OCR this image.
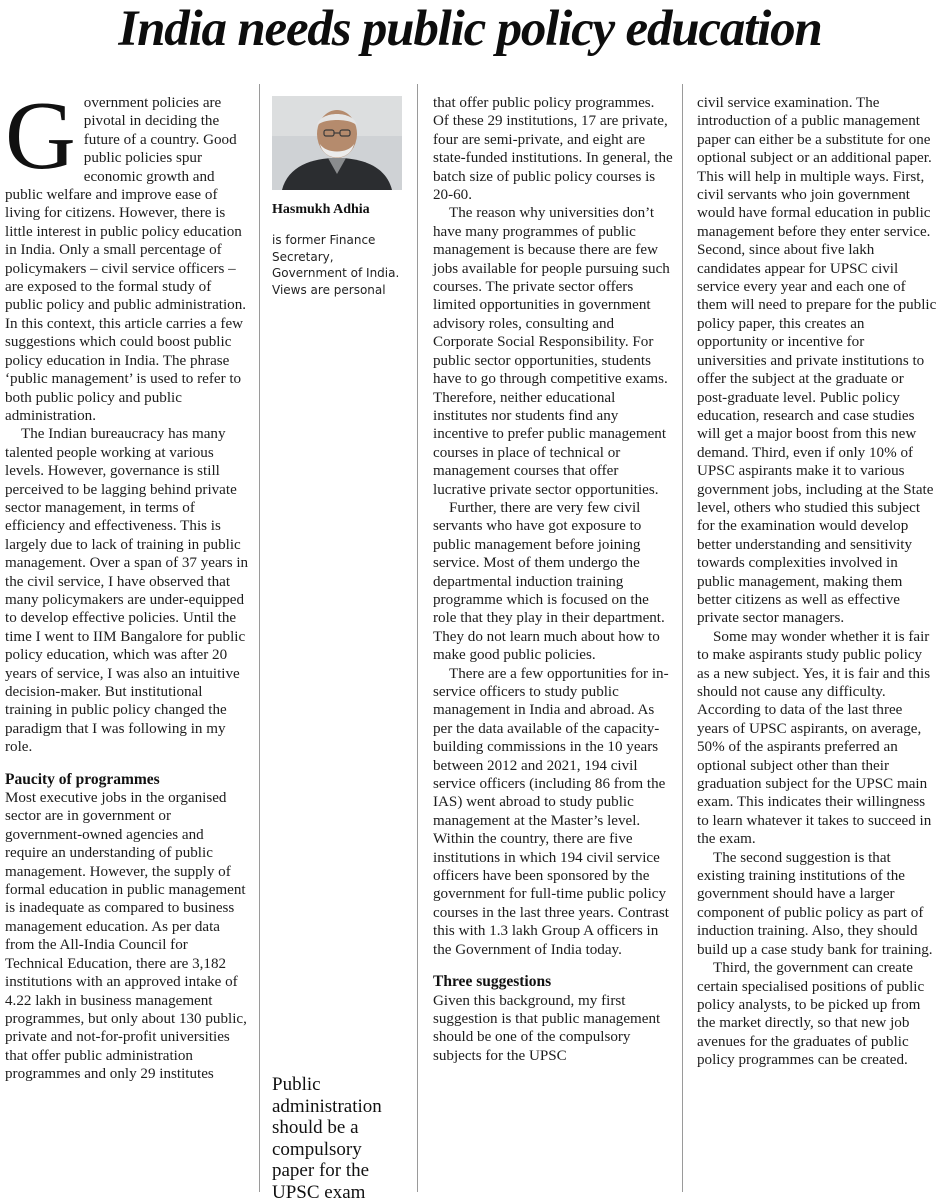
India needs public policy education

Government policies are pivotal in deciding the future of a country. Good public policies spur economic growth and public welfare and improve ease of living for citizens. However, there is little interest in public policy education in India. Only a small percentage of policymakers – civil service officers – are exposed to the formal study of public policy and public administration. In this context, this article carries a few suggestions which could boost public policy education in India. The phrase ‘public management’ is used to refer to both public policy and public administration.

The Indian bureaucracy has many talented people working at various levels. However, governance is still perceived to be lagging behind private sector management, in terms of efficiency and effectiveness. This is largely due to lack of training in public management. Over a span of 37 years in the civil service, I have observed that many policymakers are under-equipped to develop effective policies. Until the time I went to IIM Bangalore for public policy education, which was after 20 years of service, I was also an intuitive decision-maker. But institutional training in public policy changed the paradigm that I was following in my role.

Paucity of programmes

Most executive jobs in the organised sector are in government or government-owned agencies and require an understanding of public management. However, the supply of formal education in public management is inadequate as compared to business management education. As per data from the All-India Council for Technical Education, there are 3,182 institutions with an approved intake of 4.22 lakh in business management programmes, but only about 130 public, private and not-for-profit universities that offer public administration programmes and only 29 institutes

Hasmukh Adhia
is former Finance Secretary, Government of India. Views are personal
Public administration should be a compulsory paper for the UPSC exam

that offer public policy programmes. Of these 29 institutions, 17 are private, four are semi-private, and eight are state-funded institutions. In general, the batch size of public policy courses is 20-60.

The reason why universities don’t have many programmes of public management is because there are few jobs available for people pursuing such courses. The private sector offers limited opportunities in government advisory roles, consulting and Corporate Social Responsibility. For public sector opportunities, students have to go through competitive exams. Therefore, neither educational institutes nor students find any incentive to prefer public management courses in place of technical or management courses that offer lucrative private sector opportunities.

Further, there are very few civil servants who have got exposure to public management before joining service. Most of them undergo the departmental induction training programme which is focused on the role that they play in their department. They do not learn much about how to make good public policies.

There are a few opportunities for in-service officers to study public management in India and abroad. As per the data available of the capacity-building commissions in the 10 years between 2012 and 2021, 194 civil service officers (including 86 from the IAS) went abroad to study public management at the Master’s level. Within the country, there are five institutions in which 194 civil service officers have been sponsored by the government for full-time public policy courses in the last three years. Contrast this with 1.3 lakh Group A officers in the Government of India today.

Three suggestions

Given this background, my first suggestion is that public management should be one of the compulsory subjects for the UPSC

civil service examination. The introduction of a public management paper can either be a substitute for one optional subject or an additional paper. This will help in multiple ways. First, civil servants who join government would have formal education in public management before they enter service. Second, since about five lakh candidates appear for UPSC civil service every year and each one of them will need to prepare for the public policy paper, this creates an opportunity or incentive for universities and private institutions to offer the subject at the graduate or post-graduate level. Public policy education, research and case studies will get a major boost from this new demand. Third, even if only 10% of UPSC aspirants make it to various government jobs, including at the State level, others who studied this subject for the examination would develop better understanding and sensitivity towards complexities involved in public management, making them better citizens as well as effective private sector managers.

Some may wonder whether it is fair to make aspirants study public policy as a new subject. Yes, it is fair and this should not cause any difficulty. According to data of the last three years of UPSC aspirants, on average, 50% of the aspirants preferred an optional subject other than their graduation subject for the UPSC main exam. This indicates their willingness to learn whatever it takes to succeed in the exam.

The second suggestion is that existing training institutions of the government should have a larger component of public policy as part of induction training. Also, they should build up a case study bank for training.

Third, the government can create certain specialised positions of public policy analysts, to be picked up from the market directly, so that new job avenues for the graduates of public policy programmes can be created.
